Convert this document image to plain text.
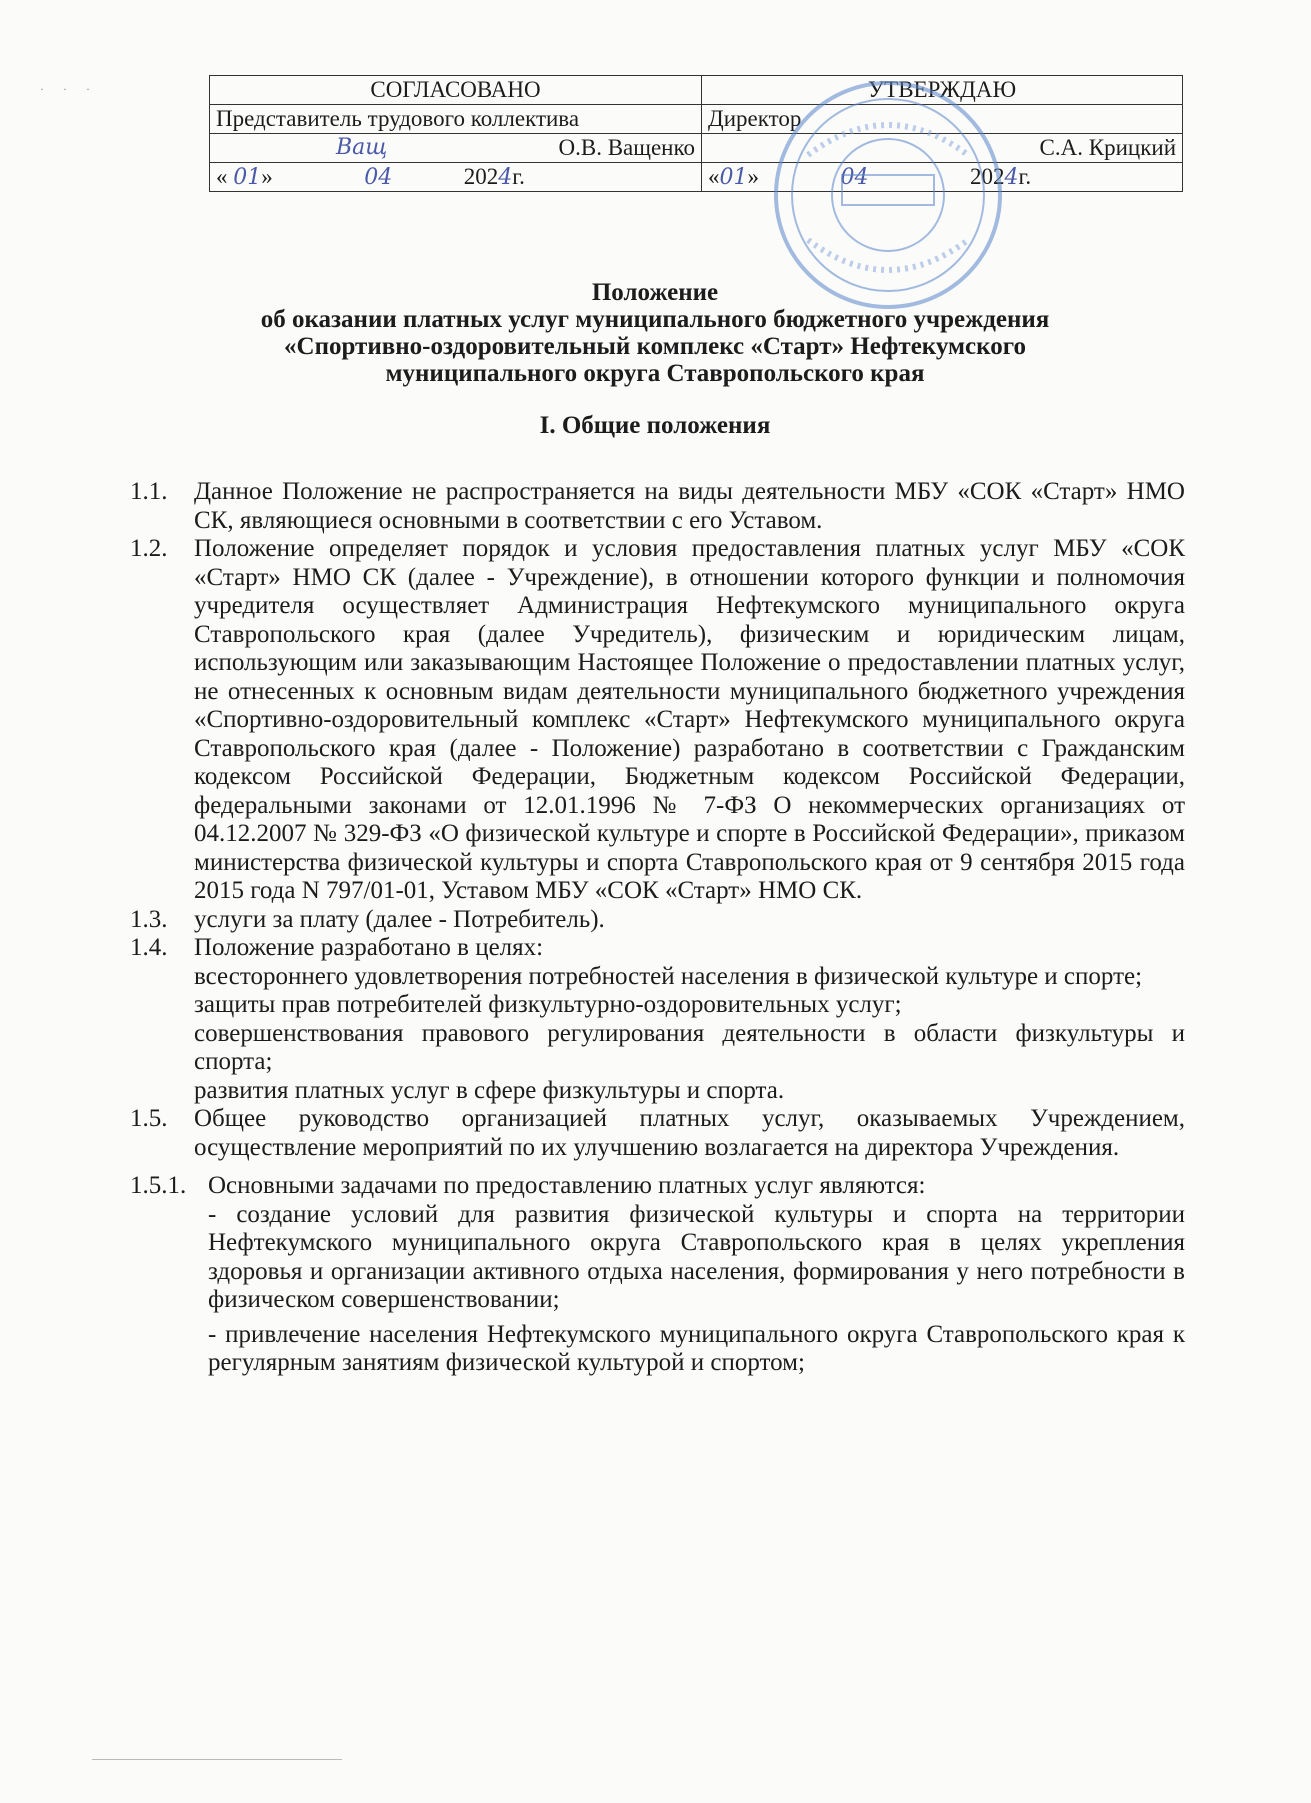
· · ·	СОГЛАСОВАНО	УТВЕРЖДАЮ
Представитель трудового коллектива	Директор

Ващ О.В. Ващенко	С.А. Крицкий
« 01» 04 2024г.	«01» 04 2024г.
Положение
об оказании платных услуг муниципального бюджетного учреждения
«Спортивно-оздоровительный комплекс «Старт» Нефтекумского
муниципального округа Ставропольского края
I. Общие положения
1.1. Данное Положение не распространяется на виды деятельности МБУ «СОК «Старт» НМО СК, являющиеся основными в соответствии с его Уставом.
1.2. Положение определяет порядок и условия предоставления платных услуг МБУ «СОК «Старт» НМО СК (далее - Учреждение), в отношении которого функции и полномочия учредителя осуществляет Администрация Нефтекумского муниципального округа Ставропольского края (далее Учредитель), физическим и юридическим лицам, использующим или заказывающим Настоящее Положение о предоставлении платных услуг, не отнесенных к основным видам деятельности муниципального бюджетного учреждения «Спортивно-оздоровительный комплекс «Старт» Нефтекумского муниципального округа Ставропольского края (далее - Положение) разработано в соответствии с Гражданским кодексом Российской Федерации, Бюджетным кодексом Российской Федерации, федеральными законами от 12.01.1996 № 7-ФЗ О некоммерческих организациях от 04.12.2007 № 329-ФЗ «О физической культуре и спорте в Российской Федерации», приказом министерства физической культуры и спорта Ставропольского края от 9 сентября 2015 года 2015 года N 797/01-01, Уставом МБУ «СОК «Старт» НМО СК.
1.3. услуги за плату (далее - Потребитель).
1.4. Положение разработано в целях:
всестороннего удовлетворения потребностей населения в физической культуре и спорте;
защиты прав потребителей физкультурно-оздоровительных услуг;
совершенствования правового регулирования деятельности в области физкультуры и спорта;
развития платных услуг в сфере физкультуры и спорта.
1.5. Общее руководство организацией платных услуг, оказываемых Учреждением, осуществление мероприятий по их улучшению возлагается на директора Учреждения.
1.5.1. Основными задачами по предоставлению платных услуг являются:
- создание условий для развития физической культуры и спорта на территории Нефтекумского муниципального округа Ставропольского края в целях укрепления здоровья и организации активного отдыха населения, формирования у него потребности в физическом совершенствовании;
- привлечение населения Нефтекумского муниципального округа Ставропольского края к регулярным занятиям физической культурой и спортом;
